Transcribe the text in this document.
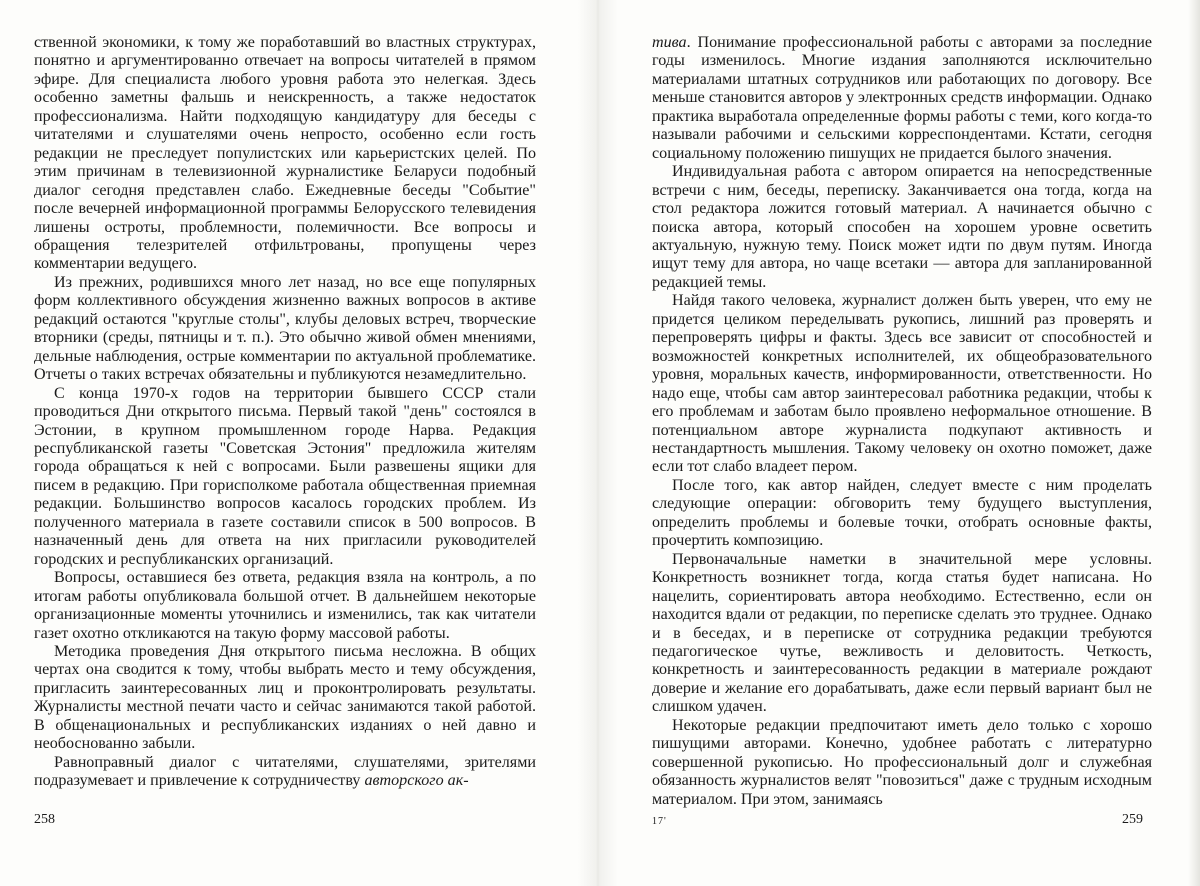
ственной экономики, к тому же поработавший во властных структурах, понятно и аргументированно отвечает на вопросы читателей в прямом эфире. Для специалиста любого уровня работа это нелегкая. Здесь особенно заметны фальшь и неискренность, а также недостаток профессионализма. Найти подходящую кандидатуру для беседы с читателями и слушателями очень непросто, особенно если гость редакции не преследует популистских или карьеристских целей. По этим причинам в телевизионной журналистике Беларуси подобный диалог сегодня представлен слабо. Ежедневные беседы "Событие" после вечерней информационной программы Белорусского телевидения лишены остроты, проблемности, полемичности. Все вопросы и обращения телезрителей отфильтрованы, пропущены через комментарии ведущего.

Из прежних, родившихся много лет назад, но все еще популярных форм коллективного обсуждения жизненно важных вопросов в активе редакций остаются "круглые столы", клубы деловых встреч, творческие вторники (среды, пятницы и т. п.). Это обычно живой обмен мнениями, дельные наблюдения, острые комментарии по актуальной проблематике. Отчеты о таких встречах обязательны и публикуются незамедлительно.

С конца 1970-х годов на территории бывшего СССР стали проводиться Дни открытого письма. Первый такой "день" состоялся в Эстонии, в крупном промышленном городе Нарва. Редакция республиканской газеты "Советская Эстония" предложила жителям города обращаться к ней с вопросами. Были развешены ящики для писем в редакцию. При горисполкоме работала общественная приемная редакции. Большинство вопросов касалось городских проблем. Из полученного материала в газете составили список в 500 вопросов. В назначенный день для ответа на них пригласили руководителей городских и республиканских организаций.

Вопросы, оставшиеся без ответа, редакция взяла на контроль, а по итогам работы опубликовала большой отчет. В дальнейшем некоторые организационные моменты уточнились и изменились, так как читатели газет охотно откликаются на такую форму массовой работы.

Методика проведения Дня открытого письма несложна. В общих чертах она сводится к тому, чтобы выбрать место и тему обсуждения, пригласить заинтересованных лиц и проконтролировать результаты. Журналисты местной печати часто и сейчас занимаются такой работой. В общенациональных и республиканских изданиях о ней давно и необоснованно забыли.

Равноправный диалог с читателями, слушателями, зрителями подразумевает и привлечение к сотрудничеству авторского ак-

тива. Понимание профессиональной работы с авторами за последние годы изменилось. Многие издания заполняются исключительно материалами штатных сотрудников или работающих по договору. Все меньше становится авторов у электронных средств информации. Однако практика выработала определенные формы работы с теми, кого когда-то называли рабочими и сельскими корреспондентами. Кстати, сегодня социальному положению пишущих не придается былого значения.

Индивидуальная работа с автором опирается на непосредственные встречи с ним, беседы, переписку. Заканчивается она тогда, когда на стол редактора ложится готовый материал. А начинается обычно с поиска автора, который способен на хорошем уровне осветить актуальную, нужную тему. Поиск может идти по двум путям. Иногда ищут тему для автора, но чаще всетаки — автора для запланированной редакцией темы.

Найдя такого человека, журналист должен быть уверен, что ему не придется целиком переделывать рукопись, лишний раз проверять и перепроверять цифры и факты. Здесь все зависит от способностей и возможностей конкретных исполнителей, их общеобразовательного уровня, моральных качеств, информированности, ответственности. Но надо еще, чтобы сам автор заинтересовал работника редакции, чтобы к его проблемам и заботам было проявлено неформальное отношение. В потенциальном авторе журналиста подкупают активность и нестандартность мышления. Такому человеку он охотно поможет, даже если тот слабо владеет пером.

После того, как автор найден, следует вместе с ним проделать следующие операции: обговорить тему будущего выступления, определить проблемы и болевые точки, отобрать основные факты, прочертить композицию.

Первоначальные наметки в значительной мере условны. Конкретность возникнет тогда, когда статья будет написана. Но нацелить, сориентировать автора необходимо. Естественно, если он находится вдали от редакции, по переписке сделать это труднее. Однако и в беседах, и в переписке от сотрудника редакции требуются педагогическое чутье, вежливость и деловитость. Четкость, конкретность и заинтересованность редакции в материале рождают доверие и желание его дорабатывать, даже если первый вариант был не слишком удачен.

Некоторые редакции предпочитают иметь дело только с хорошо пишущими авторами. Конечно, удобнее работать с литературно совершенной рукописью. Но профессиональный долг и служебная обязанность журналистов велят "повозиться" даже с трудным исходным материалом. При этом, занимаясь

258	17'	259
